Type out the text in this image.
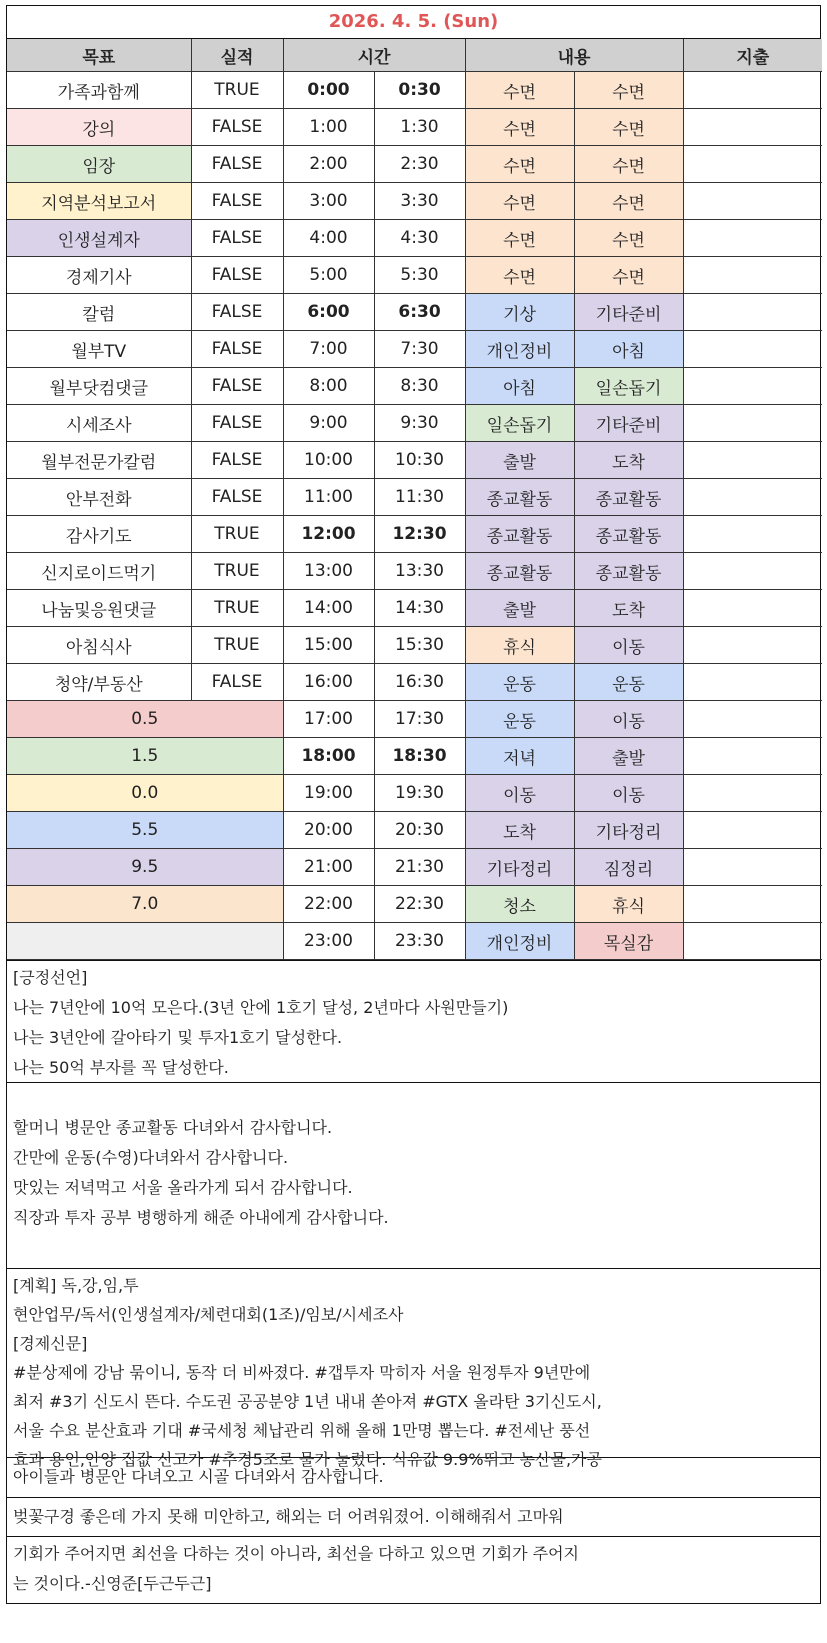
2026. 4. 5. (Sun)
목표	실적	시간		내용		지출
가족과함께	TRUE	0:00	0:30	수면	수면	
강의	FALSE	1:00	1:30	수면	수면	
임장	FALSE	2:00	2:30	수면	수면	
지역분석보고서	FALSE	3:00	3:30	수면	수면	
인생설계자	FALSE	4:00	4:30	수면	수면	
경제기사	FALSE	5:00	5:30	수면	수면	
칼럼	FALSE	6:00	6:30	기상	기타준비	
월부TV	FALSE	7:00	7:30	개인정비	아침	
월부닷컴댓글	FALSE	8:00	8:30	아침	일손돕기	
시세조사	FALSE	9:00	9:30	일손돕기	기타준비	
월부전문가칼럼	FALSE	10:00	10:30	출발	도착	
안부전화	FALSE	11:00	11:30	종교활동	종교활동	
감사기도	TRUE	12:00	12:30	종교활동	종교활동	
신지로이드먹기	TRUE	13:00	13:30	종교활동	종교활동	
나눔및응원댓글	TRUE	14:00	14:30	출발	도착	
아침식사	TRUE	15:00	15:30	휴식	이동	
청약/부동산	FALSE	16:00	16:30	운동	운동	
0.5		17:00	17:30	운동	이동	
1.5		18:00	18:30	저녁	출발	
0.0		19:00	19:30	이동	이동	
5.5		20:00	20:30	도착	기타정리	
9.5		21:00	21:30	기타정리	짐정리	
7.0		22:00	22:30	청소	휴식	
		23:00	23:30	개인정비	목실감	

[긍정선언]

나는 7년안에 10억 모은다.(3년 안에 1호기 달성, 2년마다 사원만들기)

나는 3년안에 갈아타기 및 투자1호기 달성한다.

나는 50억 부자를 꼭 달성한다.

할머니 병문안 종교활동 다녀와서 감사합니다.

간만에 운동(수영)다녀와서 감사합니다.

맛있는 저녁먹고 서울 올라가게 되서 감사합니다.

직장과 투자 공부 병행하게 해준 아내에게 감사합니다.

[계획] 독,강,임,투

현안업무/독서(인생설계자/체련대회(1조)/임보/시세조사

[경제신문]

#분상제에 강남 묶이니, 동작 더 비싸졌다. #갭투자 막히자 서울 원정투자 9년만에

최저 #3기 신도시 뜬다. 수도권 공공분양 1년 내내 쏟아져 #GTX 올라탄 3기신도시,

서울 수요 분산효과 기대 #국세청 체납관리 위해 올해 1만명 뽑는다. #전세난 풍선

효과 용인,안양 집값 신고가 #추경5조로 물가 눌렀다. 식유값 9.9%뛰고 농산물,가공

아이들과 병문안 다녀오고 시골 다녀와서 감사합니다.

벚꽃구경 좋은데 가지 못해 미안하고, 해외는 더 어려워졌어. 이해해줘서 고마워

기회가 주어지면 최선을 다하는 것이 아니라, 최선을 다하고 있으면 기회가 주어지

는 것이다.-신영준[두근두근]
